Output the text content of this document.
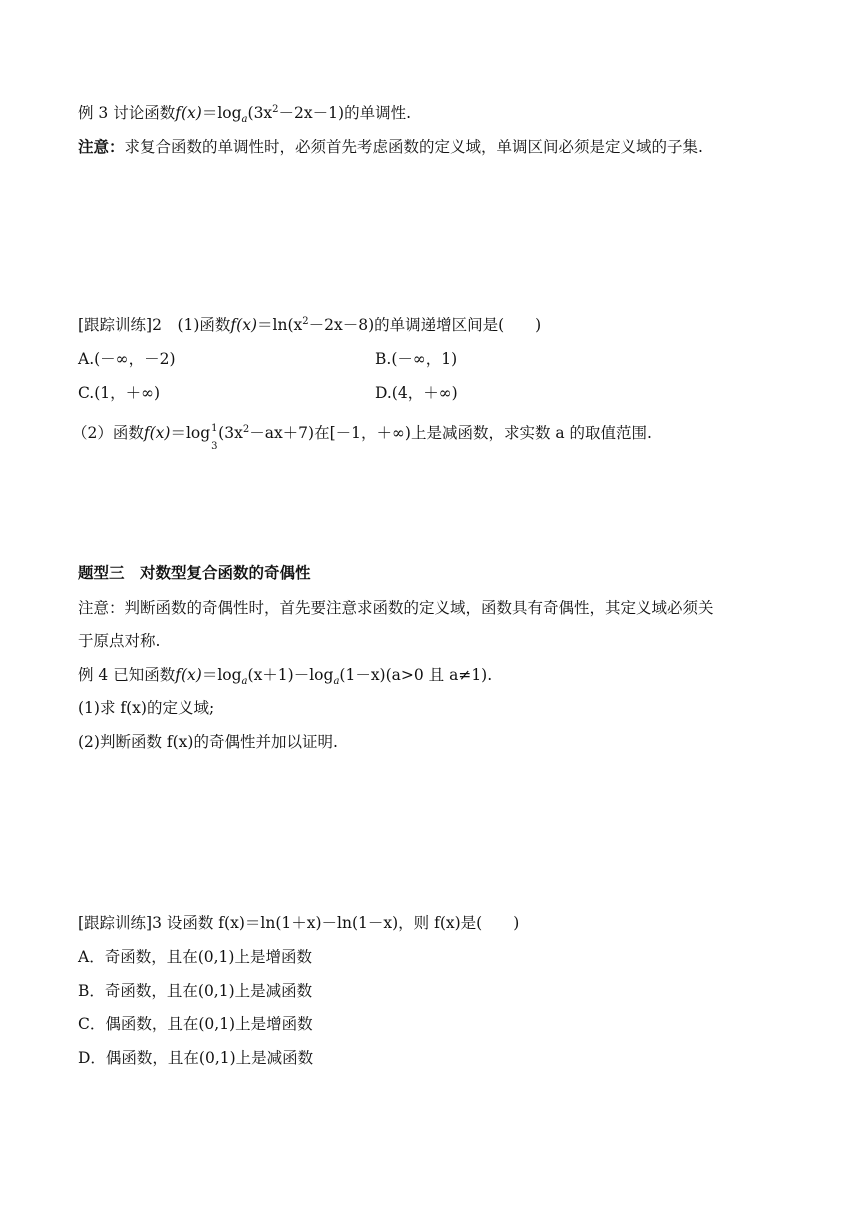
例 3 讨论函数$f(x)=\log_a(3x^2-2x-1)$的单调性.
注意：求复合函数的单调性时，必须首先考虑函数的定义域，单调区间必须是定义域的子集.
[跟踪训练]2　(1)函数$f(x)=\ln(x^2-2x-8)$的单调递增区间是(　　)
A.(－∞，－2)	B.(－∞，1)
C.(1，＋∞)	D.(4，＋∞)
（2）函数f(x)＝log 1
3
$(3x^2-ax+7)$在[－1，＋∞)上是减函数，求实数 a 的取值范围.
题型三　对数型复合函数的奇偶性
注意：判断函数的奇偶性时，首先要注意求函数的定义域，函数具有奇偶性，其定义域必须关
于原点对称.
例 4 已知函数$f(x)=\log_a(x+1)-\log_a(1-x)(a>0$ 且 a≠1).
(1)求 f(x)的定义域;
(2)判断函数 f(x)的奇偶性并加以证明.
[跟踪训练]3 设函数 f(x)＝ln(1＋x)－ln(1－x)，则 f(x)是(　　)
A．奇函数，且在(0,1)上是增函数
B．奇函数，且在(0,1)上是减函数
C．偶函数，且在(0,1)上是增函数
D．偶函数，且在(0,1)上是减函数
